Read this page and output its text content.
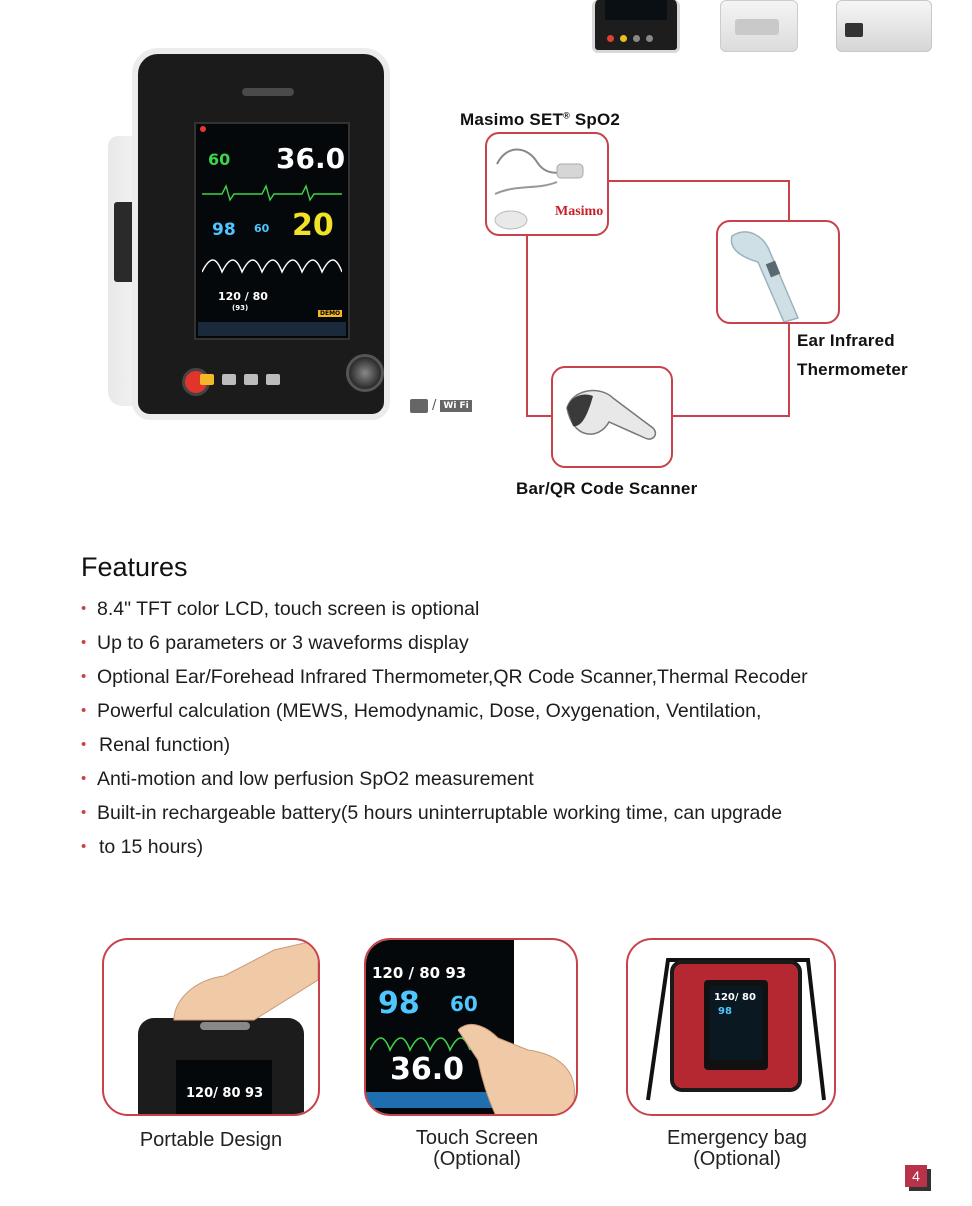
60 36.0
98 60 20
120 / 80
(93)
DEMO
/ Wi Fi
Masimo SET® SpO2
Masimo
Ear Infrared
Thermometer
Bar/QR Code Scanner
Features
• 8.4" TFT color LCD, touch screen is optional
• Up to 6 parameters or 3 waveforms display
• Optional Ear/Forehead Infrared Thermometer,QR Code Scanner,Thermal Recoder
• Powerful calculation (MEWS, Hemodynamic, Dose, Oxygenation, Ventilation,
• Renal function)
• Anti-motion and low perfusion SpO2 measurement
• Built-in rechargeable battery(5 hours uninterruptable working time, can upgrade
• to 15 hours)
120/ 80 93
Portable Design
120 / 80 93
98 60
36.0
Touch Screen
(Optional)
120/ 80
98
Emergency bag
(Optional)
4
